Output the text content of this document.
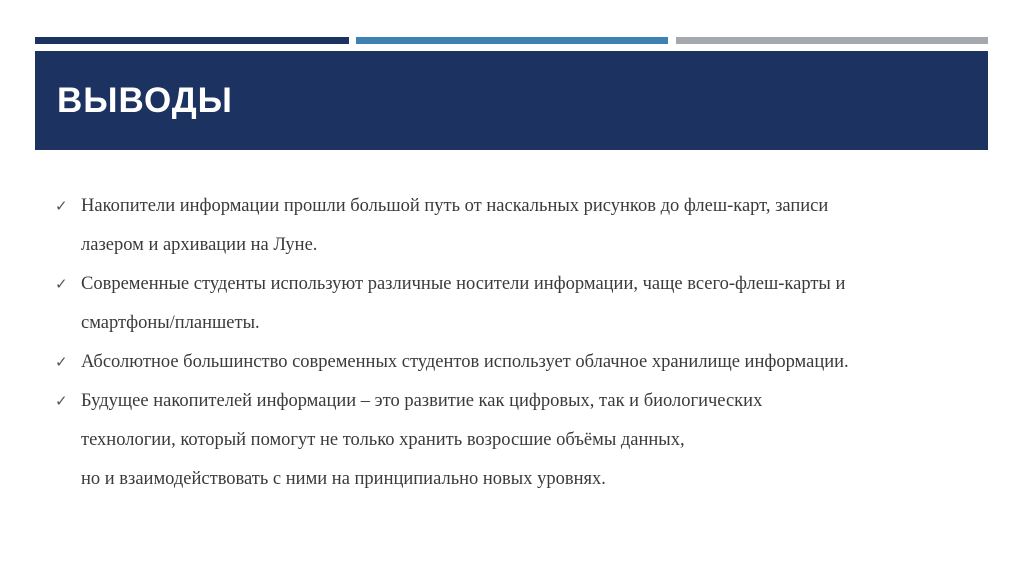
ВЫВОДЫ
✓ Накопители информации прошли большой путь от наскальных рисунков до флеш-карт, записи
лазером и архивации на Луне.
✓ Современные студенты используют различные носители информации, чаще всего-флеш-карты и
смартфоны/планшеты.
✓ Абсолютное большинство современных студентов использует облачное хранилище информации.
✓ Будущее накопителей информации – это развитие как цифровых, так и биологических
технологии, который помогут не только хранить возросшие объёмы данных,
но и взаимодействовать с ними на принципиально новых уровнях.
